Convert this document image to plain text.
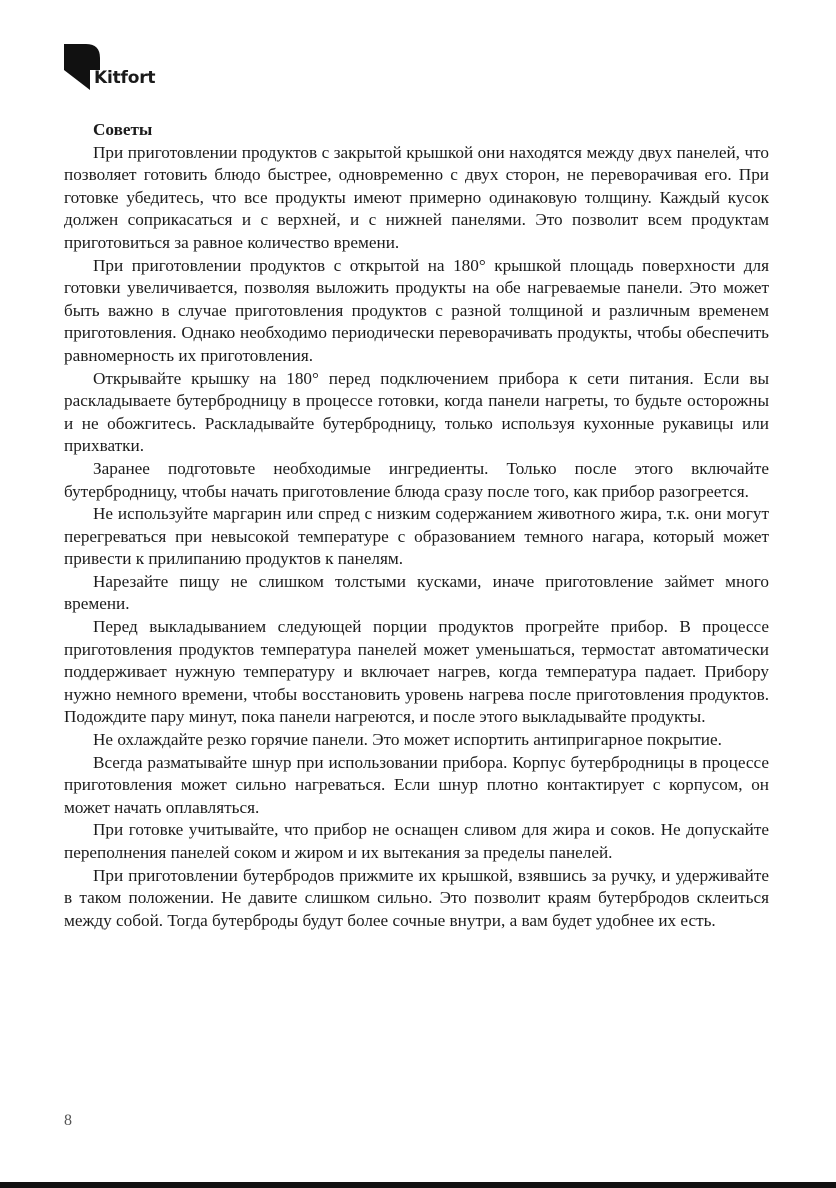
Kitfort
Советы

При приготовлении продуктов с закрытой крышкой они находятся между двух панелей, что позволяет готовить блюдо быстрее, одновременно с двух сторон, не переворачивая его. При готовке убедитесь, что все продукты имеют примерно одинаковую толщину. Каждый кусок должен соприкасаться и с верхней, и с нижней панелями. Это позволит всем продуктам приготовиться за равное количество времени.

При приготовлении продуктов с открытой на 180° крышкой площадь поверхности для готовки увеличивается, позволяя выложить продукты на обе нагреваемые панели. Это может быть важно в случае приготовления продуктов с разной толщиной и различным временем приготовления. Однако необходимо периодически переворачивать продукты, чтобы обеспечить равномерность их приготовления.

Открывайте крышку на 180° перед подключением прибора к сети питания. Если вы раскладываете бутербродницу в процессе готовки, когда панели нагреты, то будьте осторожны и не обожгитесь. Раскладывайте бутербродницу, только используя кухонные рукавицы или прихватки.

Заранее подготовьте необходимые ингредиенты. Только после этого включайте бутербродницу, чтобы начать приготовление блюда сразу после того, как прибор разогреется.

Не используйте маргарин или спред с низким содержанием животного жира, т.к. они могут перегреваться при невысокой температуре с образованием темного нагара, который может привести к прилипанию продуктов к панелям.

Нарезайте пищу не слишком толстыми кусками, иначе приготовление займет много времени.

Перед выкладыванием следующей порции продуктов прогрейте прибор. В процессе приготовления продуктов температура панелей может уменьшаться, термостат автоматически поддерживает нужную температуру и включает нагрев, когда температура падает. Прибору нужно немного времени, чтобы восстановить уровень нагрева после приготовления продуктов. Подождите пару минут, пока панели нагреются, и после этого выкладывайте продукты.

Не охлаждайте резко горячие панели. Это может испортить антипригарное покрытие.

Всегда разматывайте шнур при использовании прибора. Корпус бутербродницы в процессе приготовления может сильно нагреваться. Если шнур плотно контактирует с корпусом, он может начать оплавляться.

При готовке учитывайте, что прибор не оснащен сливом для жира и соков. Не допускайте переполнения панелей соком и жиром и их вытекания за пределы панелей.

При приготовлении бутербродов прижмите их крышкой, взявшись за ручку, и удерживайте в таком положении. Не давите слишком сильно. Это позволит краям бутербродов склеиться между собой. Тогда бутерброды будут более сочные внутри, а вам будет удобнее их есть.

8
